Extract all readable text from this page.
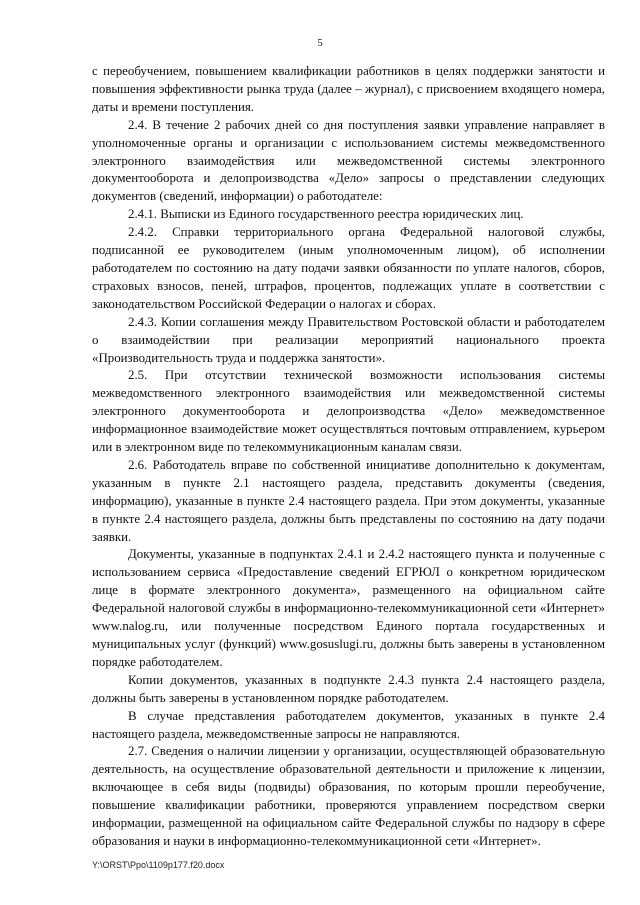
5

с переобучением, повышением квалификации работников в целях поддержки занятости и повышения эффективности рынка труда (далее – журнал), с присвоением входящего номера, даты и времени поступления.

2.4. В течение 2 рабочих дней со дня поступления заявки управление направляет в уполномоченные органы и организации с использованием системы межведомственного электронного взаимодействия или межведомственной системы электронного документооборота и делопроизводства «Дело» запросы о представлении следующих документов (сведений, информации) о работодателе:

2.4.1. Выписки из Единого государственного реестра юридических лиц.

2.4.2. Справки территориального органа Федеральной налоговой службы, подписанной ее руководителем (иным уполномоченным лицом), об исполнении работодателем по состоянию на дату подачи заявки обязанности по уплате налогов, сборов, страховых взносов, пеней, штрафов, процентов, подлежащих уплате в соответствии с законодательством Российской Федерации о налогах и сборах.

2.4.3. Копии соглашения между Правительством Ростовской области и работодателем о взаимодействии при реализации мероприятий национального проекта «Производительность труда и поддержка занятости».

2.5. При отсутствии технической возможности использования системы межведомственного электронного взаимодействия или межведомственной системы электронного документооборота и делопроизводства «Дело» межведомственное информационное взаимодействие может осуществляться почтовым отправлением, курьером или в электронном виде по телекоммуникационным каналам связи.

2.6. Работодатель вправе по собственной инициативе дополнительно к документам, указанным в пункте 2.1 настоящего раздела, представить документы (сведения, информацию), указанные в пункте 2.4 настоящего раздела. При этом документы, указанные в пункте 2.4 настоящего раздела, должны быть представлены по состоянию на дату подачи заявки.

Документы, указанные в подпунктах 2.4.1 и 2.4.2 настоящего пункта и полученные с использованием сервиса «Предоставление сведений ЕГРЮЛ о конкретном юридическом лице в формате электронного документа», размещенного на официальном сайте Федеральной налоговой службы в информационно-телекоммуникационной сети «Интернет» www.nalog.ru, или полученные посредством Единого портала государственных и муниципальных услуг (функций) www.gosuslugi.ru, должны быть заверены в установленном порядке работодателем.

Копии документов, указанных в подпункте 2.4.3 пункта 2.4 настоящего раздела, должны быть заверены в установленном порядке работодателем.

В случае представления работодателем документов, указанных в пункте 2.4 настоящего раздела, межведомственные запросы не направляются.

2.7. Сведения о наличии лицензии у организации, осуществляющей образовательную деятельность, на осуществление образовательной деятельности и приложение к лицензии, включающее в себя виды (подвиды) образования, по которым прошли переобучение, повышение квалификации работники, проверяются управлением посредством сверки информации, размещенной на официальном сайте Федеральной службы по надзору в сфере образования и науки в информационно-телекоммуникационной сети «Интернет».

Y:\ORST\Ppo\1109p177.f20.docx
